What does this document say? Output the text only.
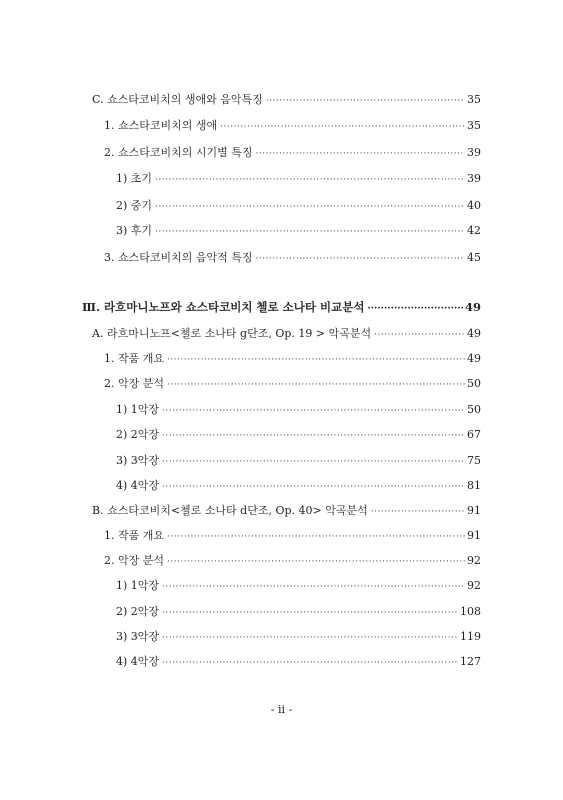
C. 쇼스타코비치의 생애와 음악특징 ·····	35
1. 쇼스타코비치의 생애 ·····	35
2. 쇼스타코비치의 시기별 특징 ·····	39
1) 초기 ·····	39
2) 중기 ·····	40
3) 후기 ·····	42
3. 쇼스타코비치의 음악적 특징 ·····	45
Ⅲ. 라흐마니노프와 쇼스타코비치 첼로 소나타 비교분석 ·····	49
A. 라흐마니노프<첼로 소나타 g단조, Op. 19 > 악곡분석 ·····	49
1. 작품 개요 ·····	49
2. 악장 분석 ·····	50
1) 1악장 ·····	50
2) 2악장 ·····	67
3) 3악장 ·····	75
4) 4악장 ·····	81
B. 쇼스타코비치<첼로 소나타 d단조, Op. 40> 악곡분석 ·····	91
1. 작품 개요 ·····	91
2. 악장 분석 ·····	92
1) 1악장 ·····	92
2) 2악장 ·····	108
3) 3악장 ·····	119
4) 4악장 ·····	127
- ii -
